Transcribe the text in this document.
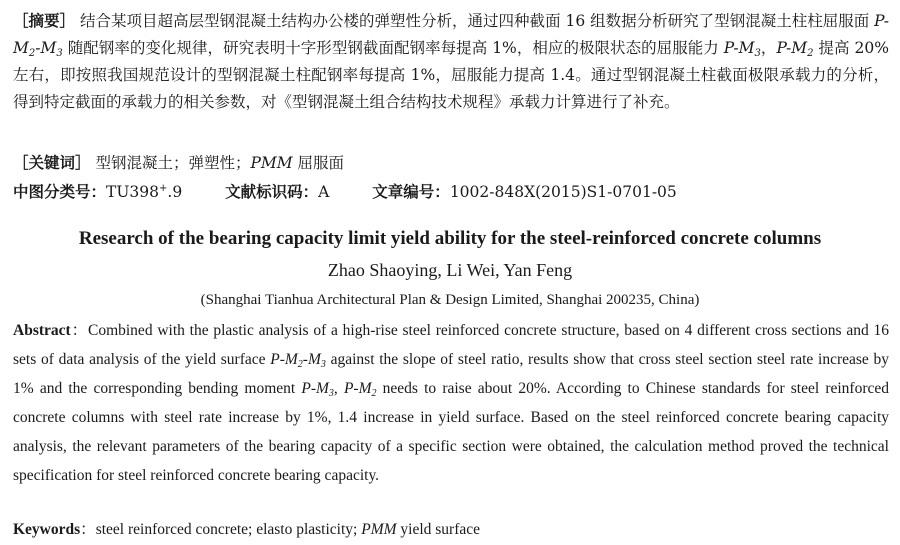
［摘要］ 结合某项目超高层型钢混凝土结构办公楼的弹塑性分析，通过四种截面 16 组数据分析研究了型钢混凝土柱柱屈服面 $P-M_2-M_3$ 随配钢率的变化规律，研究表明十字形型钢截面配钢率每提高 1%，相应的极限状态的屈服能力 $P-M_3$，$P-M_2$ 提高 20% 左右，即按照我国规范设计的型钢混凝土柱配钢率每提高 1%，屈服能力提高 1.4。通过型钢混凝土柱截面极限承载力的分析，得到特定截面的承载力的相关参数，对《型钢混凝土组合结构技术规程》承载力计算进行了补充。

［关键词］ 型钢混凝土；弹塑性；PMM 屈服面

中图分类号：TU398+.9	文献标识码：A	文章编号：1002-848X(2015)S1-0701-05
Research of the bearing capacity limit yield ability for the steel-reinforced concrete columns
Zhao Shaoying, Li Wei, Yan Feng
(Shanghai Tianhua Architectural Plan & Design Limited, Shanghai 200235, China)

Abstract：Combined with the plastic analysis of a high-rise steel reinforced concrete structure, based on 4 different cross sections and 16 sets of data analysis of the yield surface $P-M_2-M_3$ against the slope of steel ratio, results show that cross steel section steel rate increase by 1% and the corresponding bending moment $P-M_3$, $P-M_2$ needs to raise about 20%. According to Chinese standards for steel reinforced concrete columns with steel rate increase by 1%, 1.4 increase in yield surface. Based on the steel reinforced concrete bearing capacity analysis, the relevant parameters of the bearing capacity of a specific section were obtained, the calculation method proved the technical specification for steel reinforced concrete bearing capacity.

Keywords：steel reinforced concrete; elasto plasticity; PMM yield surface
